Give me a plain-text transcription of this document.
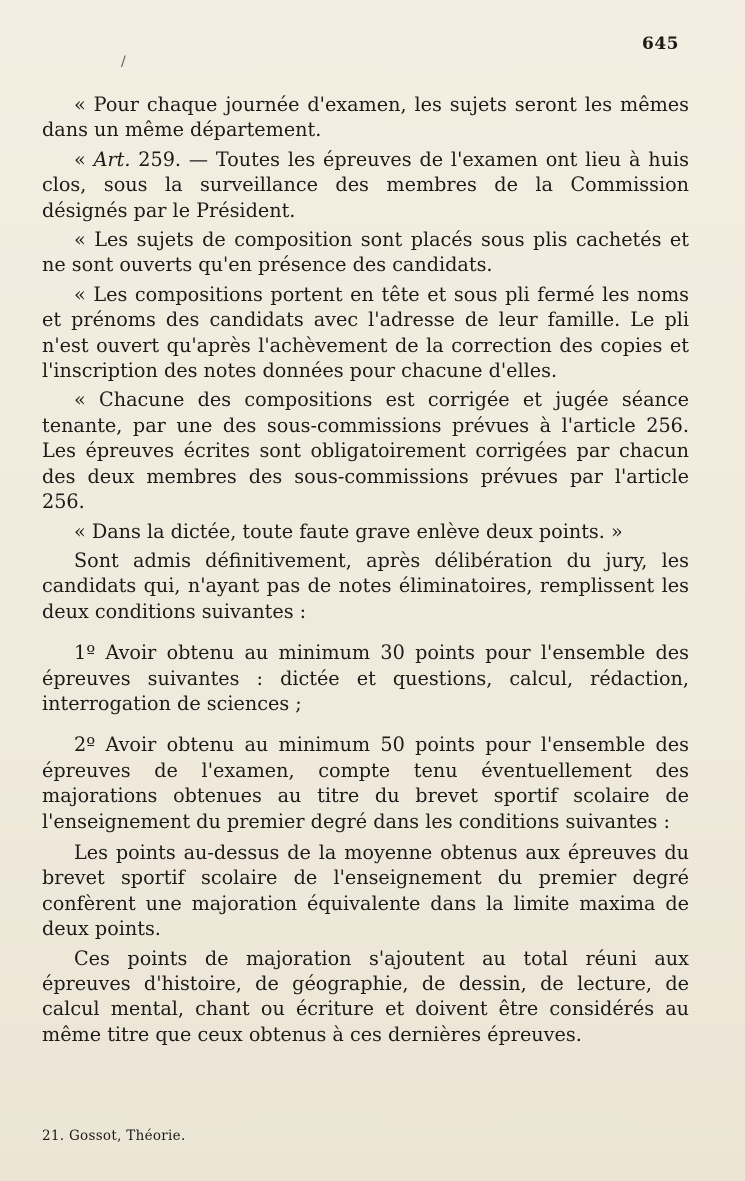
645
/

« Pour chaque journée d'examen, les sujets seront les mêmes dans un même département.

« Art. 259. — Toutes les épreuves de l'examen ont lieu à huis clos, sous la surveillance des membres de la Commission désignés par le Président.

« Les sujets de composition sont placés sous plis cachetés et ne sont ouverts qu'en présence des candidats.

« Les compositions portent en tête et sous pli fermé les noms et prénoms des candidats avec l'adresse de leur famille. Le pli n'est ouvert qu'après l'achèvement de la correction des copies et l'inscription des notes données pour chacune d'elles.

« Chacune des compositions est corrigée et jugée séance tenante, par une des sous-commissions prévues à l'article 256. Les épreuves écrites sont obligatoirement corrigées par chacun des deux membres des sous-commissions prévues par l'article 256.

« Dans la dictée, toute faute grave enlève deux points. »

Sont admis définitivement, après délibération du jury, les candidats qui, n'ayant pas de notes éliminatoires, remplissent les deux conditions suivantes :

1º Avoir obtenu au minimum 30 points pour l'ensemble des épreuves suivantes : dictée et questions, calcul, rédaction, interrogation de sciences ;

2º Avoir obtenu au minimum 50 points pour l'ensemble des épreuves de l'examen, compte tenu éventuellement des majorations obtenues au titre du brevet sportif scolaire de l'enseignement du premier degré dans les conditions suivantes :

Les points au-dessus de la moyenne obtenus aux épreuves du brevet sportif scolaire de l'enseignement du premier degré confèrent une majoration équivalente dans la limite maxima de deux points.

Ces points de majoration s'ajoutent au total réuni aux épreuves d'histoire, de géographie, de dessin, de lecture, de calcul mental, chant ou écriture et doivent être considérés au même titre que ceux obtenus à ces dernières épreuves.

21. Gossot, Théorie.
